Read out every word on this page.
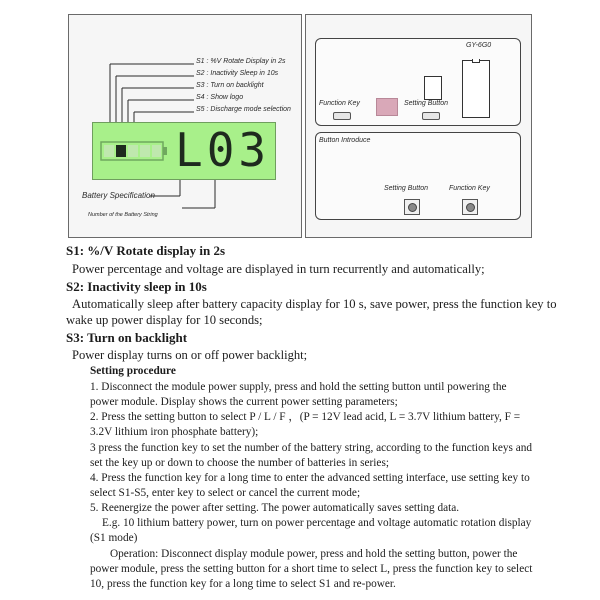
S1 : %V Rotate Display in 2s
S2 : Inactivity Sleep in 10s
S3 : Turn on backlight
S4 : Show logo
S5 : Discharge mode selection
L03
Battery Specification
Number of the Battery String
GY-6G0
Function Key	Setting Button
Button Introduce
Setting Button	Function Key
S1: %/V Rotate display in 2s
Power percentage and voltage are displayed in turn recurrently and automatically;
S2: Inactivity sleep in 10s
Automatically sleep after battery capacity display for 10 s, save power, press the function key to
wake up power display for 10 seconds;
S3: Turn on backlight
Power display turns on or off power backlight;
Setting procedure
1. Disconnect the module power supply, press and hold the setting button until powering the
power module. Display shows the current power setting parameters;
2. Press the setting button to select P / L / F ，(P = 12V lead acid, L = 3.7V lithium battery, F =
3.2V lithium iron phosphate battery);
3 press the function key to set the number of the battery string, according to the function keys and
set the key up or down to choose the number of batteries in series;
4. Press the function key for a long time to enter the advanced setting interface, use setting key to
select S1-S5, enter key to select or cancel the current mode;
5. Reenergize the power after setting. The power automatically saves setting data.
E.g. 10 lithium battery power, turn on power percentage and voltage automatic rotation display
(S1 mode)
Operation: Disconnect display module power, press and hold the setting button, power the
power module, press the setting button for a short time to select L, press the function key to select
10, press the function key for a long time to select S1 and re-power.
